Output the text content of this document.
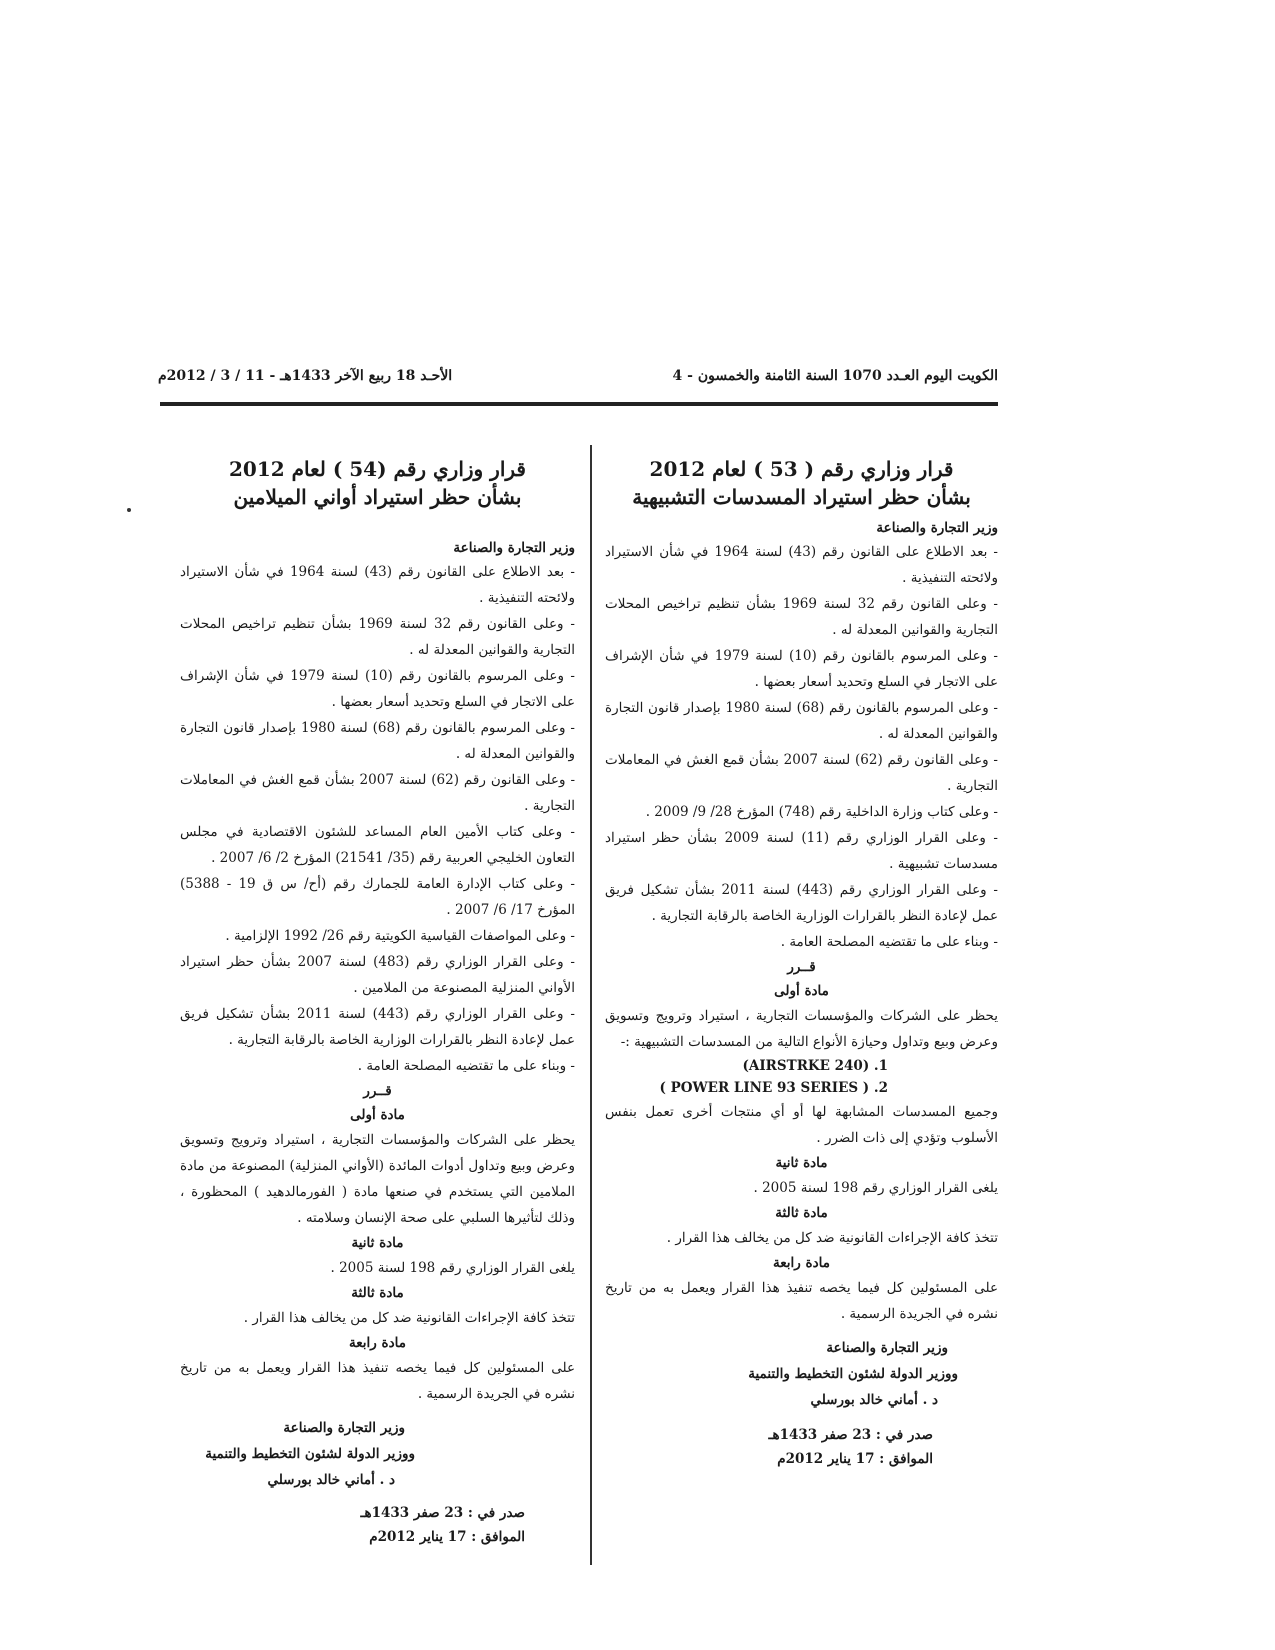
الكويت اليوم العـدد 1070 السنة الثامنة والخمسون - 4
الأحـد 18 ربيع الآخر 1433هـ - 11 / 3 / 2012م

قرار وزاري رقم ( 53 ) لعام 2012

بشأن حظر استيراد المسدسات التشبيهية

وزير التجارة والصناعة

- بعد الاطلاع على القانون رقم (43) لسنة 1964 في شأن الاستيراد ولائحته التنفيذية .

- وعلى القانون رقم 32 لسنة 1969 بشأن تنظيم تراخيص المحلات التجارية والقوانين المعدلة له .

- وعلى المرسوم بالقانون رقم (10) لسنة 1979 في شأن الإشراف على الاتجار في السلع وتحديد أسعار بعضها .

- وعلى المرسوم بالقانون رقم (68) لسنة 1980 بإصدار قانون التجارة والقوانين المعدلة له .

- وعلى القانون رقم (62) لسنة 2007 بشأن قمع الغش في المعاملات التجارية .

- وعلى كتاب وزارة الداخلية رقم (748) المؤرخ 28/ 9/ 2009 .

- وعلى القرار الوزاري رقم (11) لسنة 2009 بشأن حظر استيراد مسدسات تشبيهية .

- وعلى القرار الوزاري رقم (443) لسنة 2011 بشأن تشكيل فريق عمل لإعادة النظر بالقرارات الوزارية الخاصة بالرقابة التجارية .

- وبناء على ما تقتضيه المصلحة العامة .

قــرر

مادة أولى

يحظر على الشركات والمؤسسات التجارية ، استيراد وترويج وتسويق وعرض وبيع وتداول وحيازة الأنواع التالية من المسدسات التشبيهية :-

(AIRSTRKE 240) .1

( POWER LINE 93 SERIES ) .2

وجميع المسدسات المشابهة لها أو أي منتجات أخرى تعمل بنفس الأسلوب وتؤدي إلى ذات الضرر .

مادة ثانية

يلغى القرار الوزاري رقم 198 لسنة 2005 .

مادة ثالثة

تتخذ كافة الإجراءات القانونية ضد كل من يخالف هذا القرار .

مادة رابعة

على المسئولين كل فيما يخصه تنفيذ هذا القرار ويعمل به من تاريخ نشره في الجريدة الرسمية .

وزير التجارة والصناعة

ووزير الدولة لشئون التخطيط والتنمية

د . أماني خالد بورسلي

صدر في : 23 صفر 1433هـ

الموافق : 17 يناير 2012م

قرار وزاري رقم (54 ) لعام 2012

بشأن حظر استيراد أواني الميلامين

وزير التجارة والصناعة

- بعد الاطلاع على القانون رقم (43) لسنة 1964 في شأن الاستيراد ولائحته التنفيذية .

- وعلى القانون رقم 32 لسنة 1969 بشأن تنظيم تراخيص المحلات التجارية والقوانين المعدلة له .

- وعلى المرسوم بالقانون رقم (10) لسنة 1979 في شأن الإشراف على الاتجار في السلع وتحديد أسعار بعضها .

- وعلى المرسوم بالقانون رقم (68) لسنة 1980 بإصدار قانون التجارة والقوانين المعدلة له .

- وعلى القانون رقم (62) لسنة 2007 بشأن قمع الغش في المعاملات التجارية .

- وعلى كتاب الأمين العام المساعد للشئون الاقتصادية في مجلس التعاون الخليجي العربية رقم (35/ 21541) المؤرخ 2/ 6/ 2007 .

- وعلى كتاب الإدارة العامة للجمارك رقم (أح/ س ق 19 - 5388) المؤرخ 17/ 6/ 2007 .

- وعلى المواصفات القياسية الكويتية رقم 26/ 1992 الإلزامية .

- وعلى القرار الوزاري رقم (483) لسنة 2007 بشأن حظر استيراد الأواني المنزلية المصنوعة من الملامين .

- وعلى القرار الوزاري رقم (443) لسنة 2011 بشأن تشكيل فريق عمل لإعادة النظر بالقرارات الوزارية الخاصة بالرقابة التجارية .

- وبناء على ما تقتضيه المصلحة العامة .

قــرر

مادة أولى

يحظر على الشركات والمؤسسات التجارية ، استيراد وترويج وتسويق وعرض وبيع وتداول أدوات المائدة (الأواني المنزلية) المصنوعة من مادة الملامين التي يستخدم في صنعها مادة ( الفورمالدهيد ) المحظورة ، وذلك لتأثيرها السلبي على صحة الإنسان وسلامته .

مادة ثانية

يلغى القرار الوزاري رقم 198 لسنة 2005 .

مادة ثالثة

تتخذ كافة الإجراءات القانونية ضد كل من يخالف هذا القرار .

مادة رابعة

على المسئولين كل فيما يخصه تنفيذ هذا القرار ويعمل به من تاريخ نشره في الجريدة الرسمية .

وزير التجارة والصناعة

ووزير الدولة لشئون التخطيط والتنمية

د . أماني خالد بورسلي

صدر في : 23 صفر 1433هـ

الموافق : 17 يناير 2012م
